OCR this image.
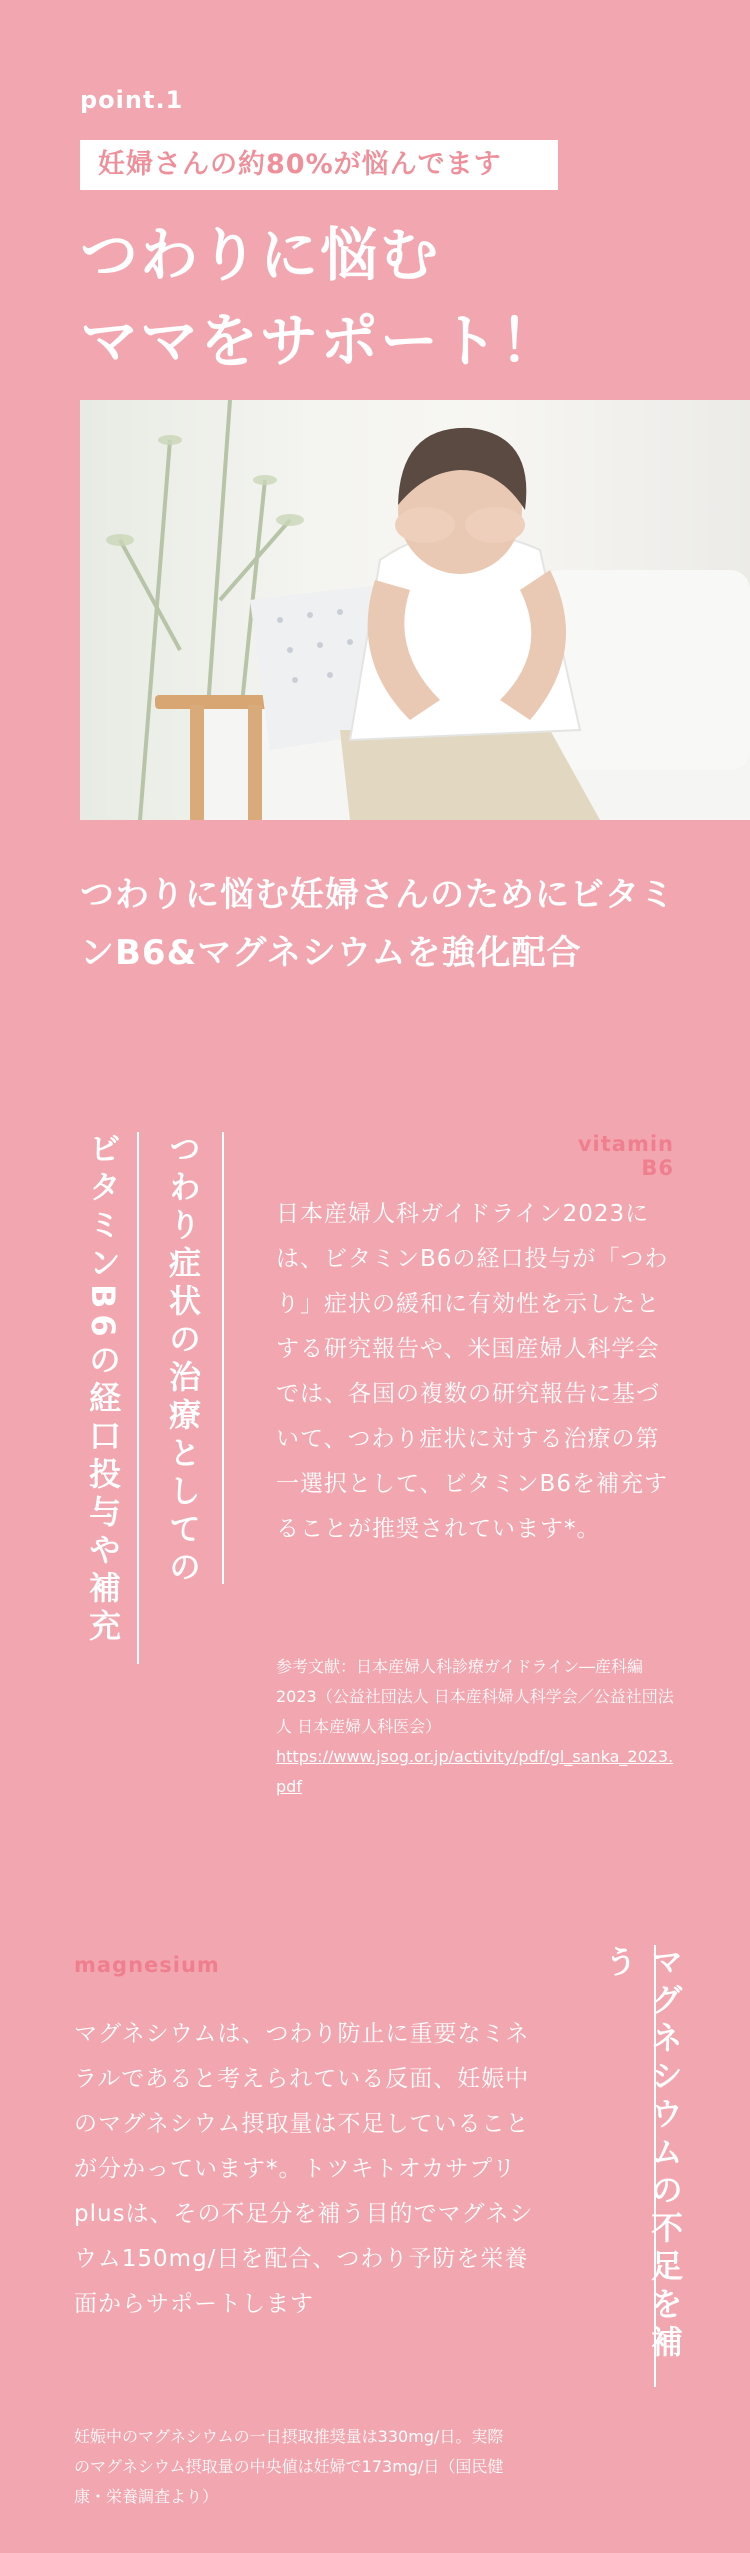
point.1
妊婦さんの約80%が悩んでます
つわりに悩む
ママをサポート！
つわりに悩む妊婦さんのためにビタミンB6&マグネシウムを強化配合
ビタミンB6の経口投与や補充 つわり症状の治療としての	vitamin B6
日本産婦人科ガイドライン2023には、ビタミンB6の経口投与が「つわり」症状の緩和に有効性を示したとする研究報告や、米国産婦人科学会では、各国の複数の研究報告に基づいて、つわり症状に対する治療の第一選択として、ビタミンB6を補充することが推奨されています*。
参考文献：日本産婦人科診療ガイドライン―産科編2023（公益社団法人 日本産科婦人科学会／公益社団法人 日本産婦人科医会）
https://www.jsog.or.jp/activity/pdf/gl_sanka_2023.pdf
magnesium
マグネシウムは、つわり防止に重要なミネラルであると考えられている反面、妊娠中のマグネシウム摂取量は不足していることが分かっています*。トツキトオカサプリplusは、その不足分を補う目的でマグネシウム150mg/日を配合、つわり予防を栄養面からサポートします	マグネシウムの不足を補う
妊娠中のマグネシウムの一日摂取推奨量は330mg/日。実際のマグネシウム摂取量の中央値は妊婦で173mg/日（国民健康・栄養調査より）
